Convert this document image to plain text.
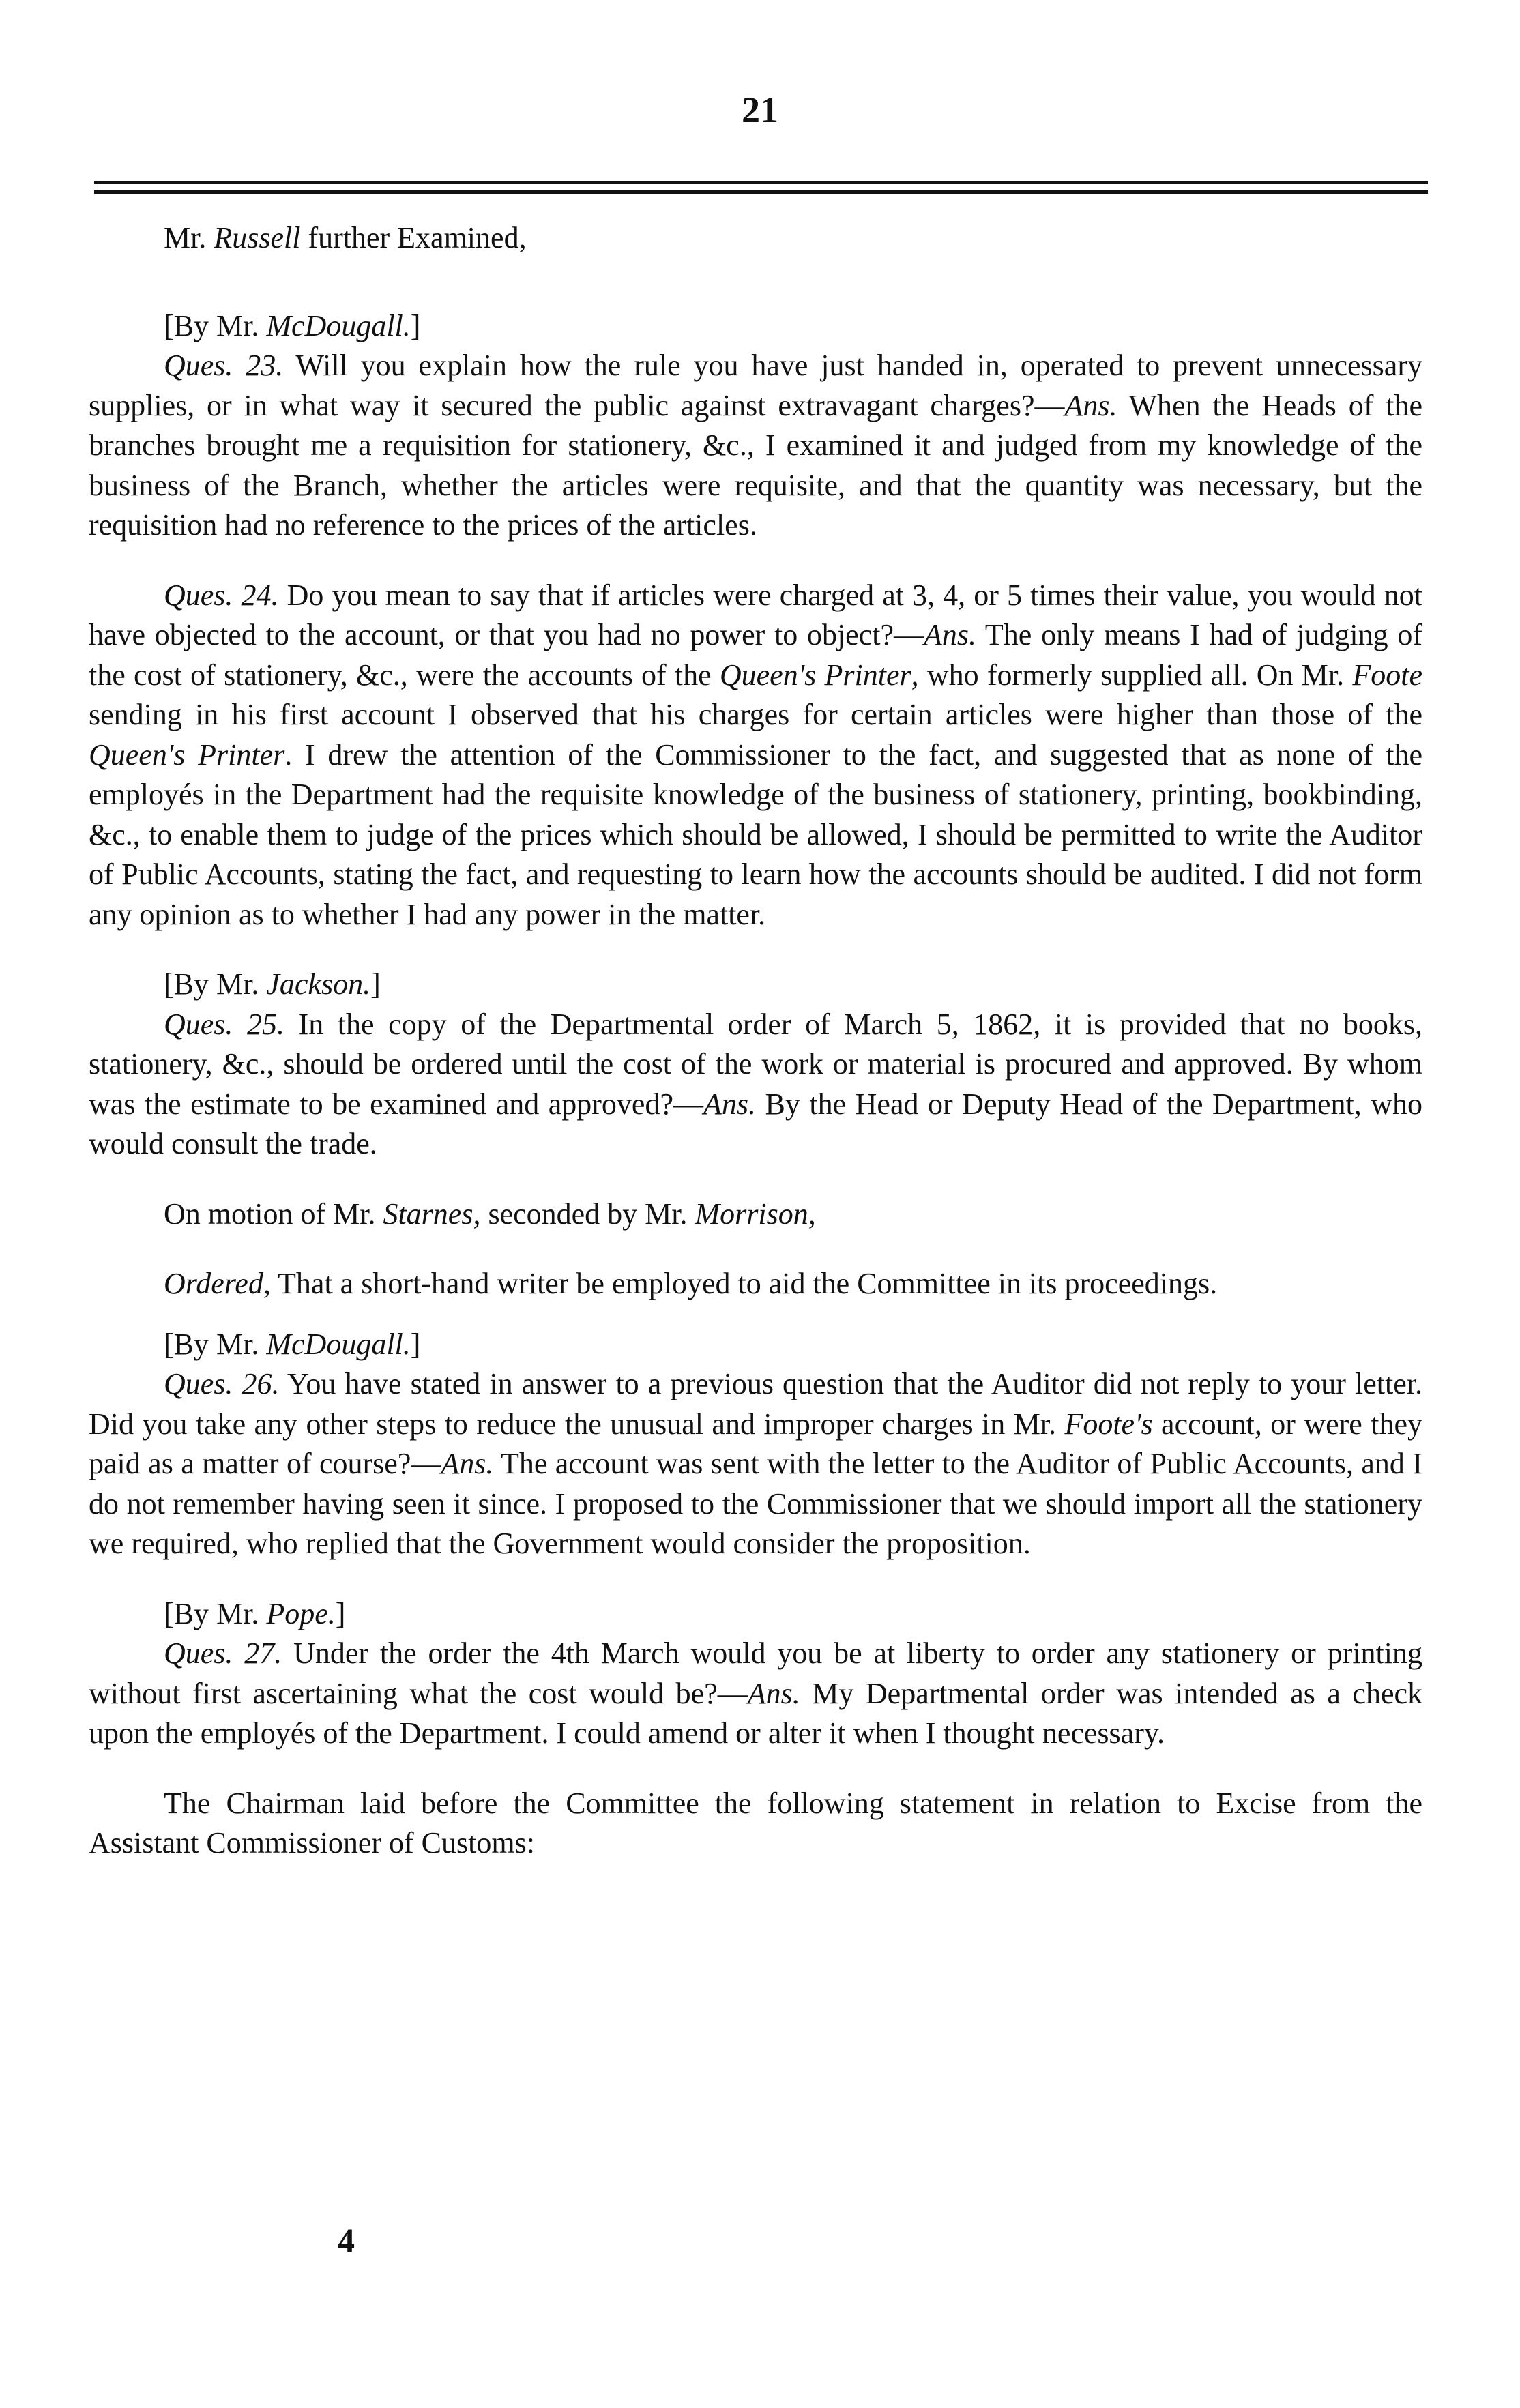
21

Mr. Russell further Examined,

[By Mr. McDougall.]

Ques. 23. Will you explain how the rule you have just handed in, operated to prevent unnecessary supplies, or in what way it secured the public against extravagant charges?—Ans. When the Heads of the branches brought me a requisition for stationery, &c., I examined it and judged from my knowledge of the business of the Branch, whether the articles were requisite, and that the quantity was necessary, but the requisition had no reference to the prices of the articles.

Ques. 24. Do you mean to say that if articles were charged at 3, 4, or 5 times their value, you would not have objected to the account, or that you had no power to object?—Ans. The only means I had of judging of the cost of stationery, &c., were the accounts of the Queen's Printer, who formerly supplied all. On Mr. Foote sending in his first account I observed that his charges for certain articles were higher than those of the Queen's Printer. I drew the attention of the Commissioner to the fact, and suggested that as none of the employés in the Department had the requisite knowledge of the business of stationery, printing, bookbinding, &c., to enable them to judge of the prices which should be allowed, I should be permitted to write the Auditor of Public Accounts, stating the fact, and requesting to learn how the accounts should be audited. I did not form any opinion as to whether I had any power in the matter.

[By Mr. Jackson.]

Ques. 25. In the copy of the Departmental order of March 5, 1862, it is provided that no books, stationery, &c., should be ordered until the cost of the work or material is procured and approved. By whom was the estimate to be examined and approved?—Ans. By the Head or Deputy Head of the Department, who would consult the trade.

On motion of Mr. Starnes, seconded by Mr. Morrison,

Ordered, That a short-hand writer be employed to aid the Committee in its proceedings.

[By Mr. McDougall.]

Ques. 26. You have stated in answer to a previous question that the Auditor did not reply to your letter. Did you take any other steps to reduce the unusual and improper charges in Mr. Foote's account, or were they paid as a matter of course?—Ans. The account was sent with the letter to the Auditor of Public Accounts, and I do not remember having seen it since. I proposed to the Commissioner that we should import all the stationery we required, who replied that the Government would consider the proposition.

[By Mr. Pope.]

Ques. 27. Under the order the 4th March would you be at liberty to order any stationery or printing without first ascertaining what the cost would be?—Ans. My Departmental order was intended as a check upon the employés of the Department. I could amend or alter it when I thought necessary.

The Chairman laid before the Committee the following statement in relation to Excise from the Assistant Commissioner of Customs:

4
